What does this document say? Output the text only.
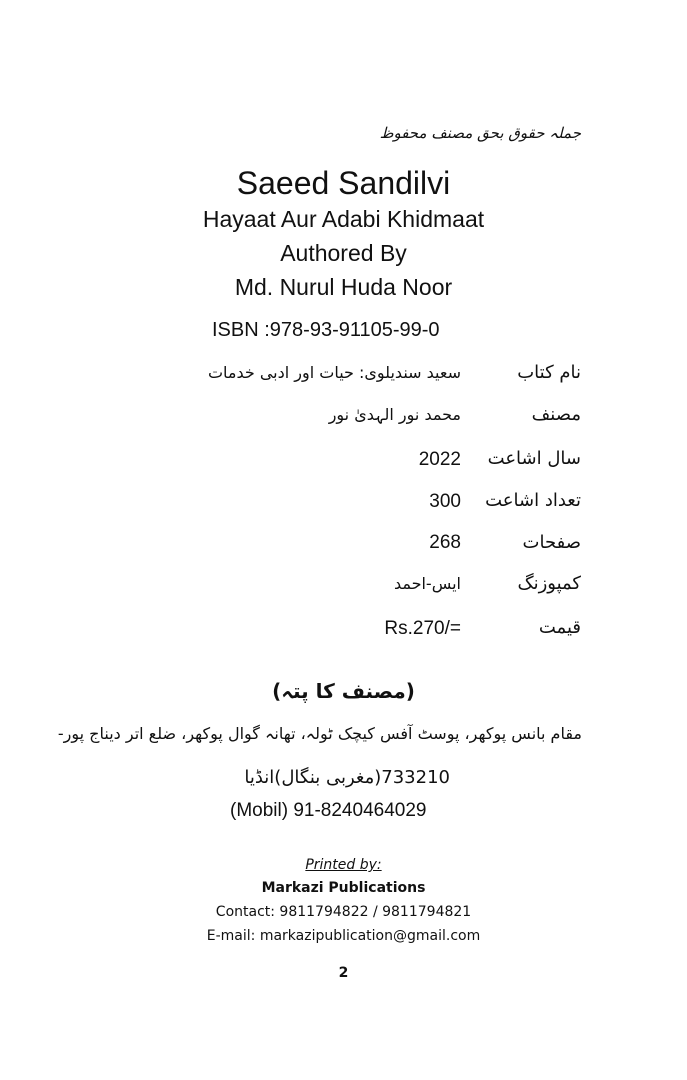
جملہ حقوق بحق مصنف محفوظ
Saeed Sandilvi
Hayaat Aur Adabi Khidmaat
Authored By
Md. Nurul Huda Noor
ISBN :978-93-91105-99-0
نام کتاب
سعید سندیلوی: حیات اور ادبی خدمات
مصنف
محمد نور الہدیٰ نور
سال اشاعت
2022
تعداد اشاعت
300
صفحات
268
کمپوزنگ
ایس-احمد
قیمت
Rs.270/=
(مصنف کا پتہ)
مقام بانس پوکھر، پوسٹ آفس کیچک ٹولہ، تھانہ گوال پوکھر، ضلع اتر دیناج پور-
733210(مغربی بنگال)انڈیا
(Mobil) 91-8240464029
Printed by:
Markazi Publications
Contact: 9811794822 / 9811794821
E-mail: markazipublication@gmail.com
2
